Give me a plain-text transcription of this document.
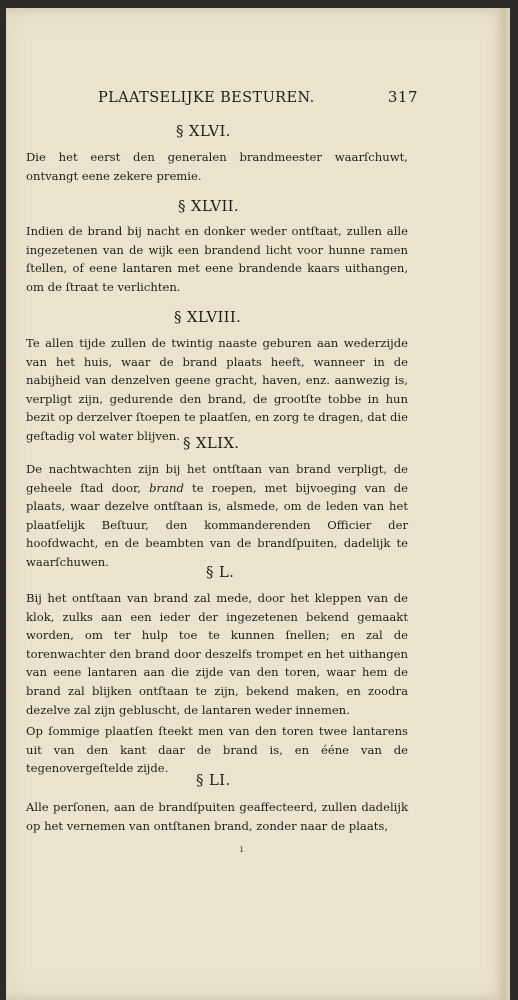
PLAATSELIJKE BESTUREN.	317
§ XLVI.
Die het eerst den generalen brandmeester waarſchuwt, ontvangt eene zekere premie.
§ XLVII.
Indien de brand bij nacht en donker weder ontſtaat, zullen alle ingezetenen van de wijk een brandend licht voor hunne ramen ſtellen, of eene lantaren met eene brandende kaars uithangen, om de ſtraat te verlichten.
§ XLVIII.
Te allen tijde zullen de twintig naaste geburen aan wederzijde van het huis, waar de brand plaats heeft, wanneer in de nabijheid van denzelven geene gracht, haven, enz. aanwezig is, verpligt zijn, gedurende den brand, de grootſte tobbe in hun bezit op derzelver ſtoepen te plaatſen, en zorg te dragen, dat die geſtadig vol water blijven. § XLIX.
De nachtwachten zijn bij het ontſtaan van brand verpligt, de geheele ſtad door, brand te roepen, met bijvoeging van de plaats, waar dezelve ontſtaan is, alsmede, om de leden van het plaatſelijk Beſtuur, den kommanderenden Officier der hoofdwacht, en de beambten van de brandſpuiten, dadelijk te waarſchuwen.
§ L.
Bij het ontſtaan van brand zal mede, door het kleppen van de klok, zulks aan een ieder der ingezetenen bekend gemaakt worden, om ter hulp toe te kunnen ſnellen; en zal de torenwachter den brand door deszelfs trompet en het uithangen van eene lantaren aan die zijde van den toren, waar hem de brand zal blijken ontſtaan te zijn, bekend maken, en zoodra dezelve zal zijn gebluscht, de lantaren weder innemen.
Op ſommige plaatſen ſteekt men van den toren twee lantarens uit van den kant daar de brand is, en ééne van de tegenovergeſtelde zijde.
§ LI.
Alle perſonen, aan de brandſpuiten geaffecteerd, zullen dadelijk op het vernemen van ontſtanen brand, zonder naar de plaats,
ı
